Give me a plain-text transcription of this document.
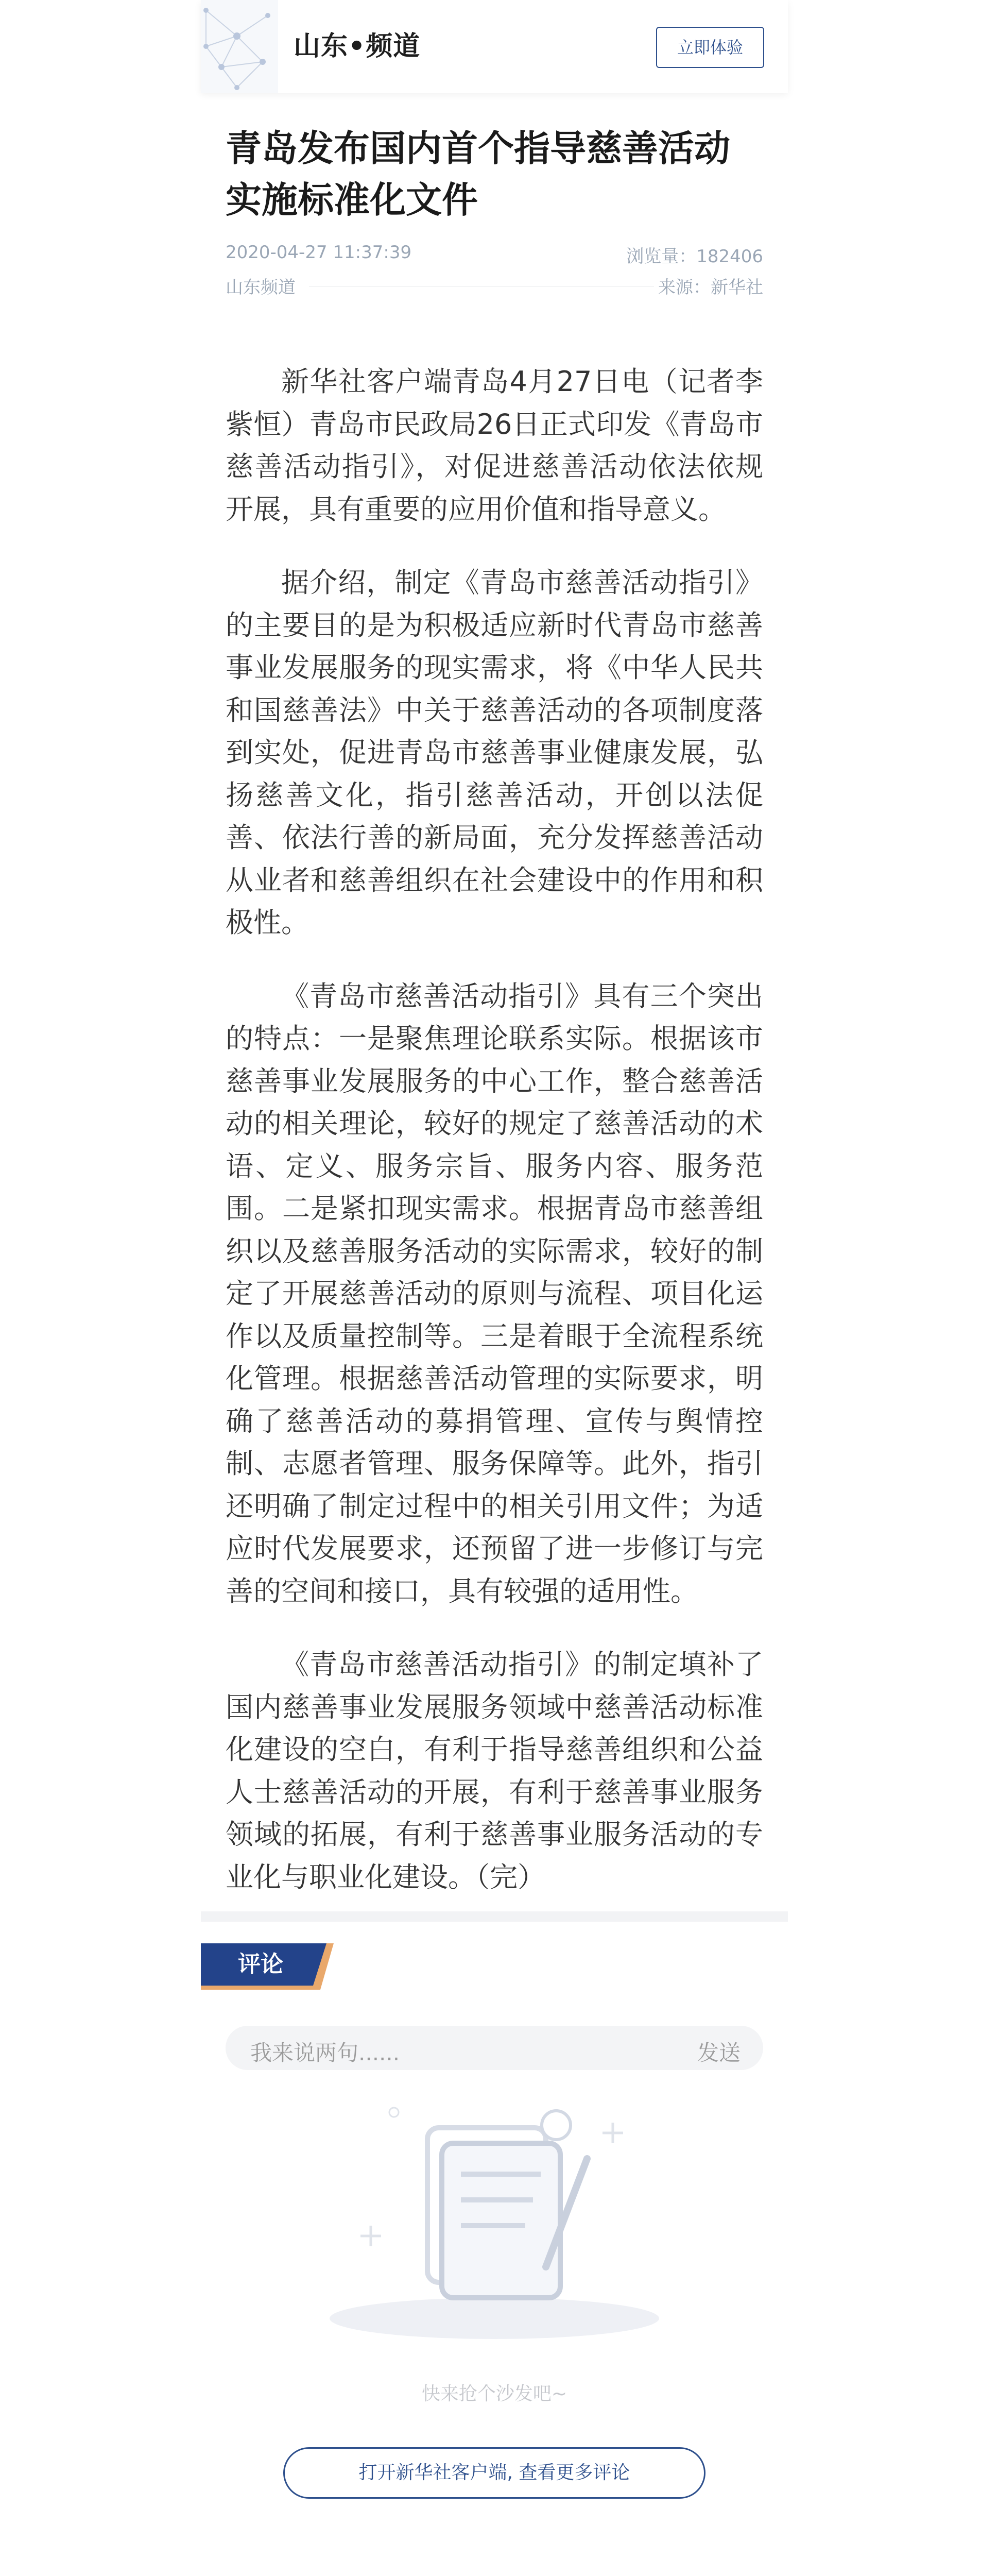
山东•频道	立即体验
青岛发布国内首个指导慈善活动实施标准化文件
2020-04-27 11:37:39	浏览量：182406
山东频道	来源：新华社

新华社客户端青岛4月27日电（记者李紫恒）青岛市民政局26日正式印发《青岛市慈善活动指引》，对促进慈善活动依法依规开展，具有重要的应用价值和指导意义。

据介绍，制定《青岛市慈善活动指引》的主要目的是为积极适应新时代青岛市慈善事业发展服务的现实需求，将《中华人民共和国慈善法》中关于慈善活动的各项制度落到实处，促进青岛市慈善事业健康发展，弘扬慈善文化，指引慈善活动，开创以法促善、依法行善的新局面，充分发挥慈善活动从业者和慈善组织在社会建设中的作用和积极性。

《青岛市慈善活动指引》具有三个突出的特点：一是聚焦理论联系实际。根据该市慈善事业发展服务的中心工作，整合慈善活动的相关理论，较好的规定了慈善活动的术语、定义、服务宗旨、服务内容、服务范围。二是紧扣现实需求。根据青岛市慈善组织以及慈善服务活动的实际需求，较好的制定了开展慈善活动的原则与流程、项目化运作以及质量控制等。三是着眼于全流程系统化管理。根据慈善活动管理的实际要求，明确了慈善活动的募捐管理、宣传与舆情控制、志愿者管理、服务保障等。此外，指引还明确了制定过程中的相关引用文件；为适应时代发展要求，还预留了进一步修订与完善的空间和接口，具有较强的适用性。

《青岛市慈善活动指引》的制定填补了国内慈善事业发展服务领域中慈善活动标准化建设的空白，有利于指导慈善组织和公益人士慈善活动的开展，有利于慈善事业服务领域的拓展，有利于慈善事业服务活动的专业化与职业化建设。（完）

评论
我来说两句......	发送
快来抢个沙发吧~
打开新华社客户端, 查看更多评论
